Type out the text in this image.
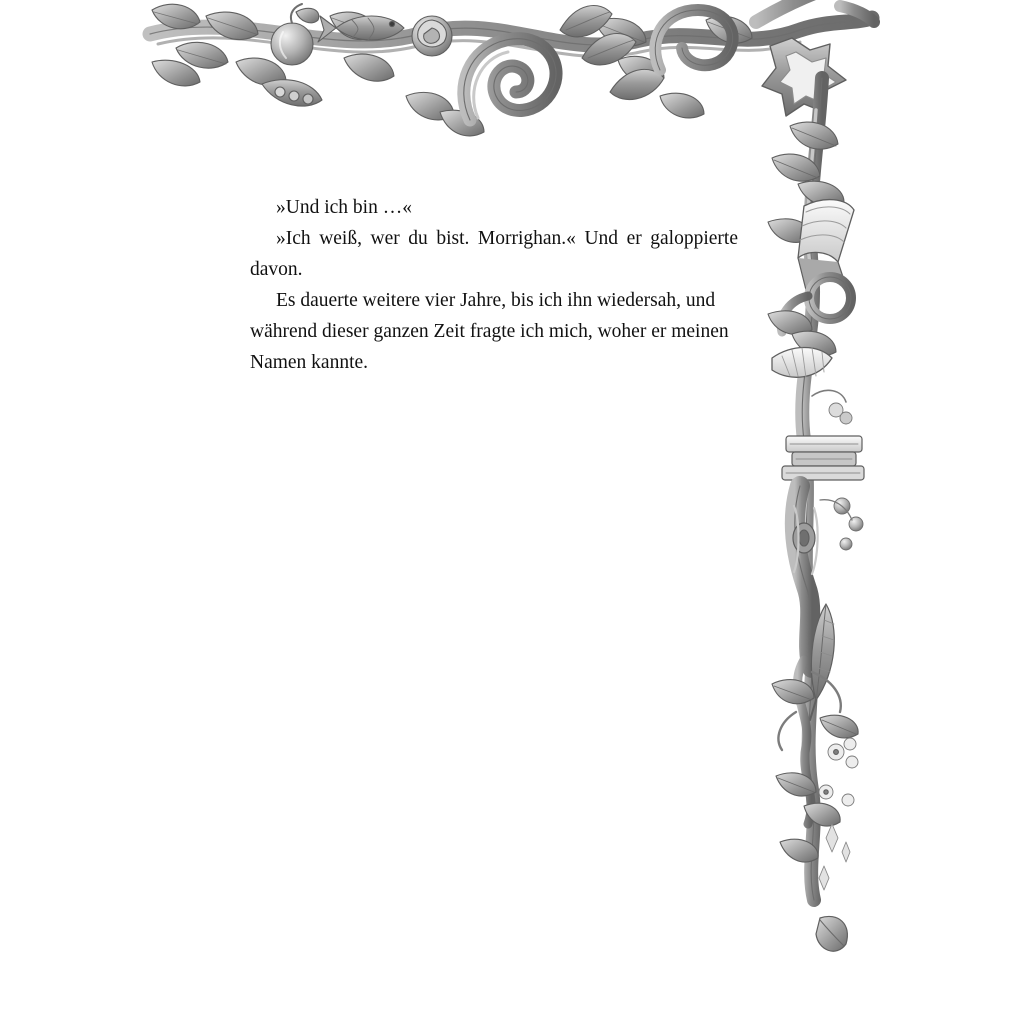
»Und ich bin …«

»Ich weiß, wer du bist. Morrighan.« Und er galoppierte davon.

Es dauerte weitere vier Jahre, bis ich ihn wiedersah, und während dieser ganzen Zeit fragte ich mich, woher er meinen Namen kannte.
